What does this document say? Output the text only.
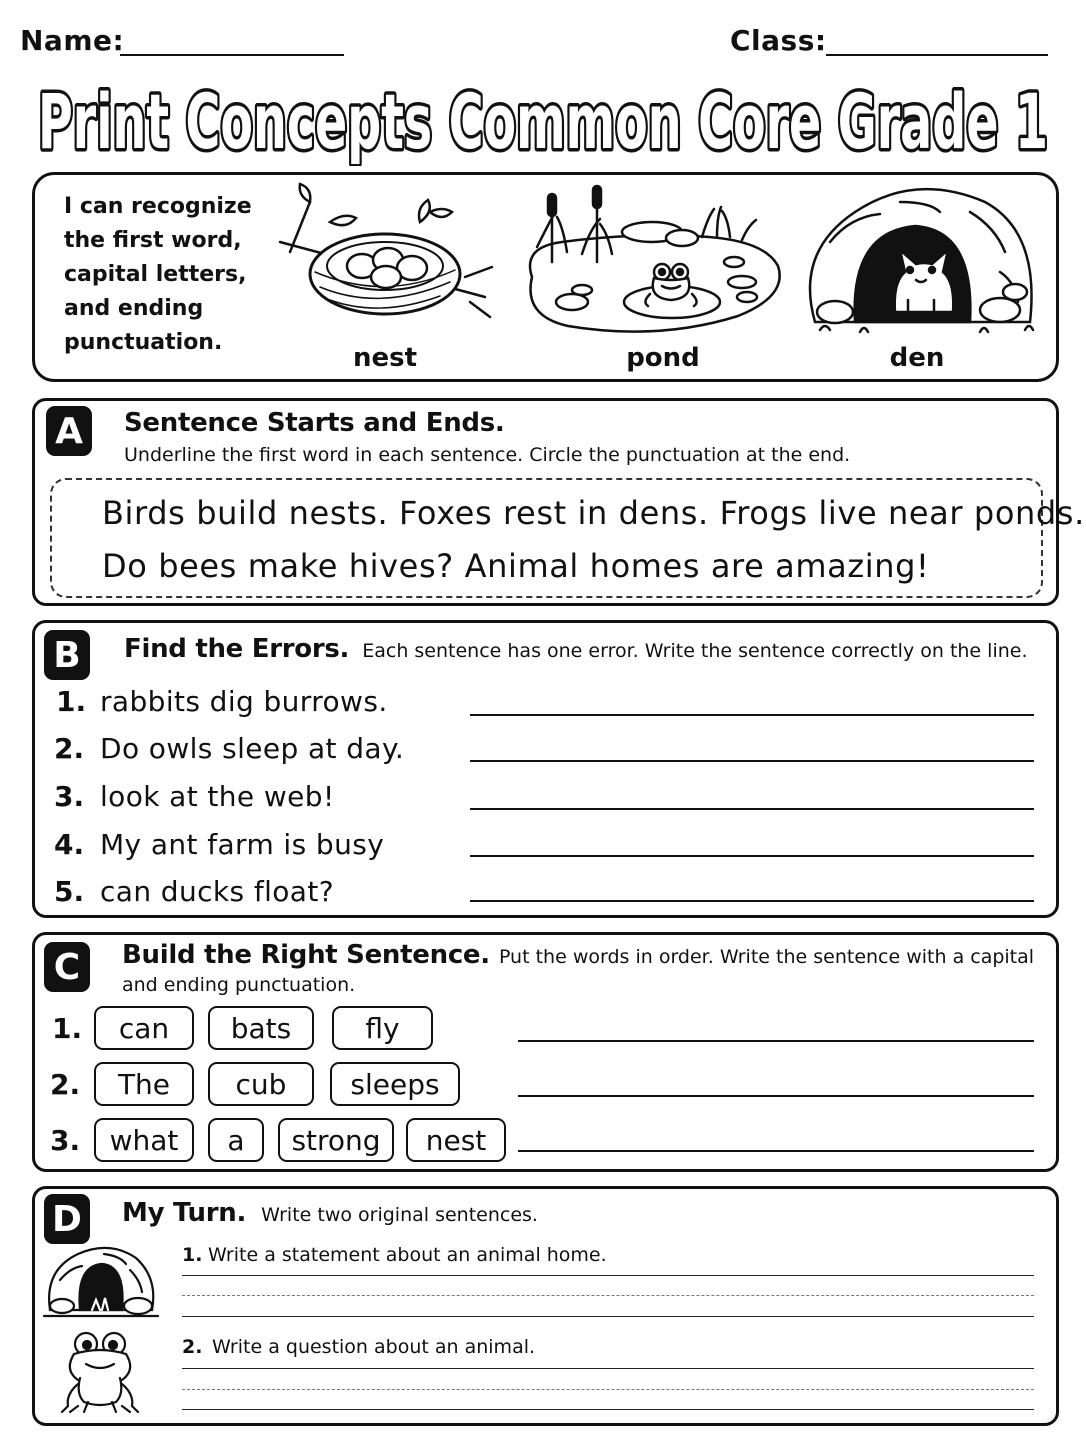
Name:	Class:
Print Concepts Common Core Grade 1
I can recognize
the first word,
capital letters,
and ending
punctuation.
nest	pond	den
A	Sentence Starts and Ends.
Underline the first word in each sentence. Circle the punctuation at the end.
Birds build nests. Foxes rest in dens. Frogs live near ponds.
Do bees make hives? Animal homes are amazing!
B	Find the Errors. Each sentence has one error. Write the sentence correctly on the line.
1. rabbits dig burrows.
2. Do owls sleep at day.
3. look at the web!
4. My ant farm is busy
5. can ducks float?
C	Build the Right Sentence. Put the words in order. Write the sentence with a capital
and ending punctuation.
1.	can	bats	fly
2.	The	cub	sleeps
3.	what	a	strong	nest
D	My Turn. Write two original sentences.
1. Write a statement about an animal home.
2. Write a question about an animal.
